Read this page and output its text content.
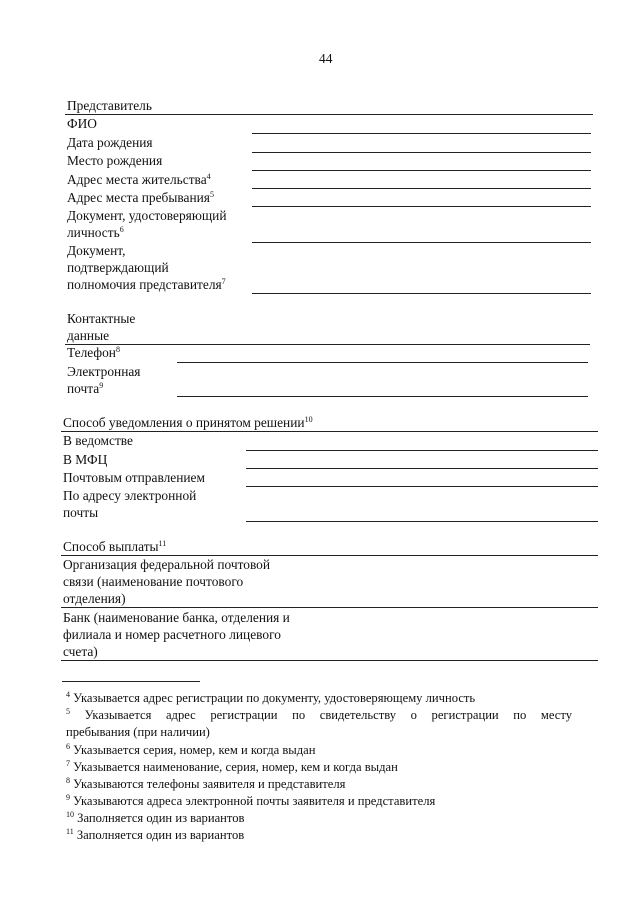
44
Представитель
ФИО
Дата рождения
Место рождения
Адрес места жительства$^4$
Адрес места пребывания$^5$
Документ, удостоверяющий
личность$^6$
Документ,
подтверждающий
полномочия представителя$^7$
Контактные
данные
Телефон$^8$
Электронная
почта$^9$
Способ уведомления о принятом решении$^{10}$
В ведомстве
В МФЦ
Почтовым отправлением
По адресу электронной
почты
Способ выплаты$^{11}$
Организация федеральной почтовой
связи (наименование почтового
отделения)
Банк (наименование банка, отделения и
филиала и номер расчетного лицевого
счета)
$^4$ Указывается адрес регистрации по документу, удостоверяющему личность
$^5$ Указывается адрес регистрации по свидетельству о регистрации по месту
пребывания (при наличии)
$^6$ Указывается серия, номер, кем и когда выдан
$^7$ Указывается наименование, серия, номер, кем и когда выдан
$^8$ Указываются телефоны заявителя и представителя
$^9$ Указываются адреса электронной почты заявителя и представителя
$^{10}$ Заполняется один из вариантов
$^{11}$ Заполняется один из вариантов
